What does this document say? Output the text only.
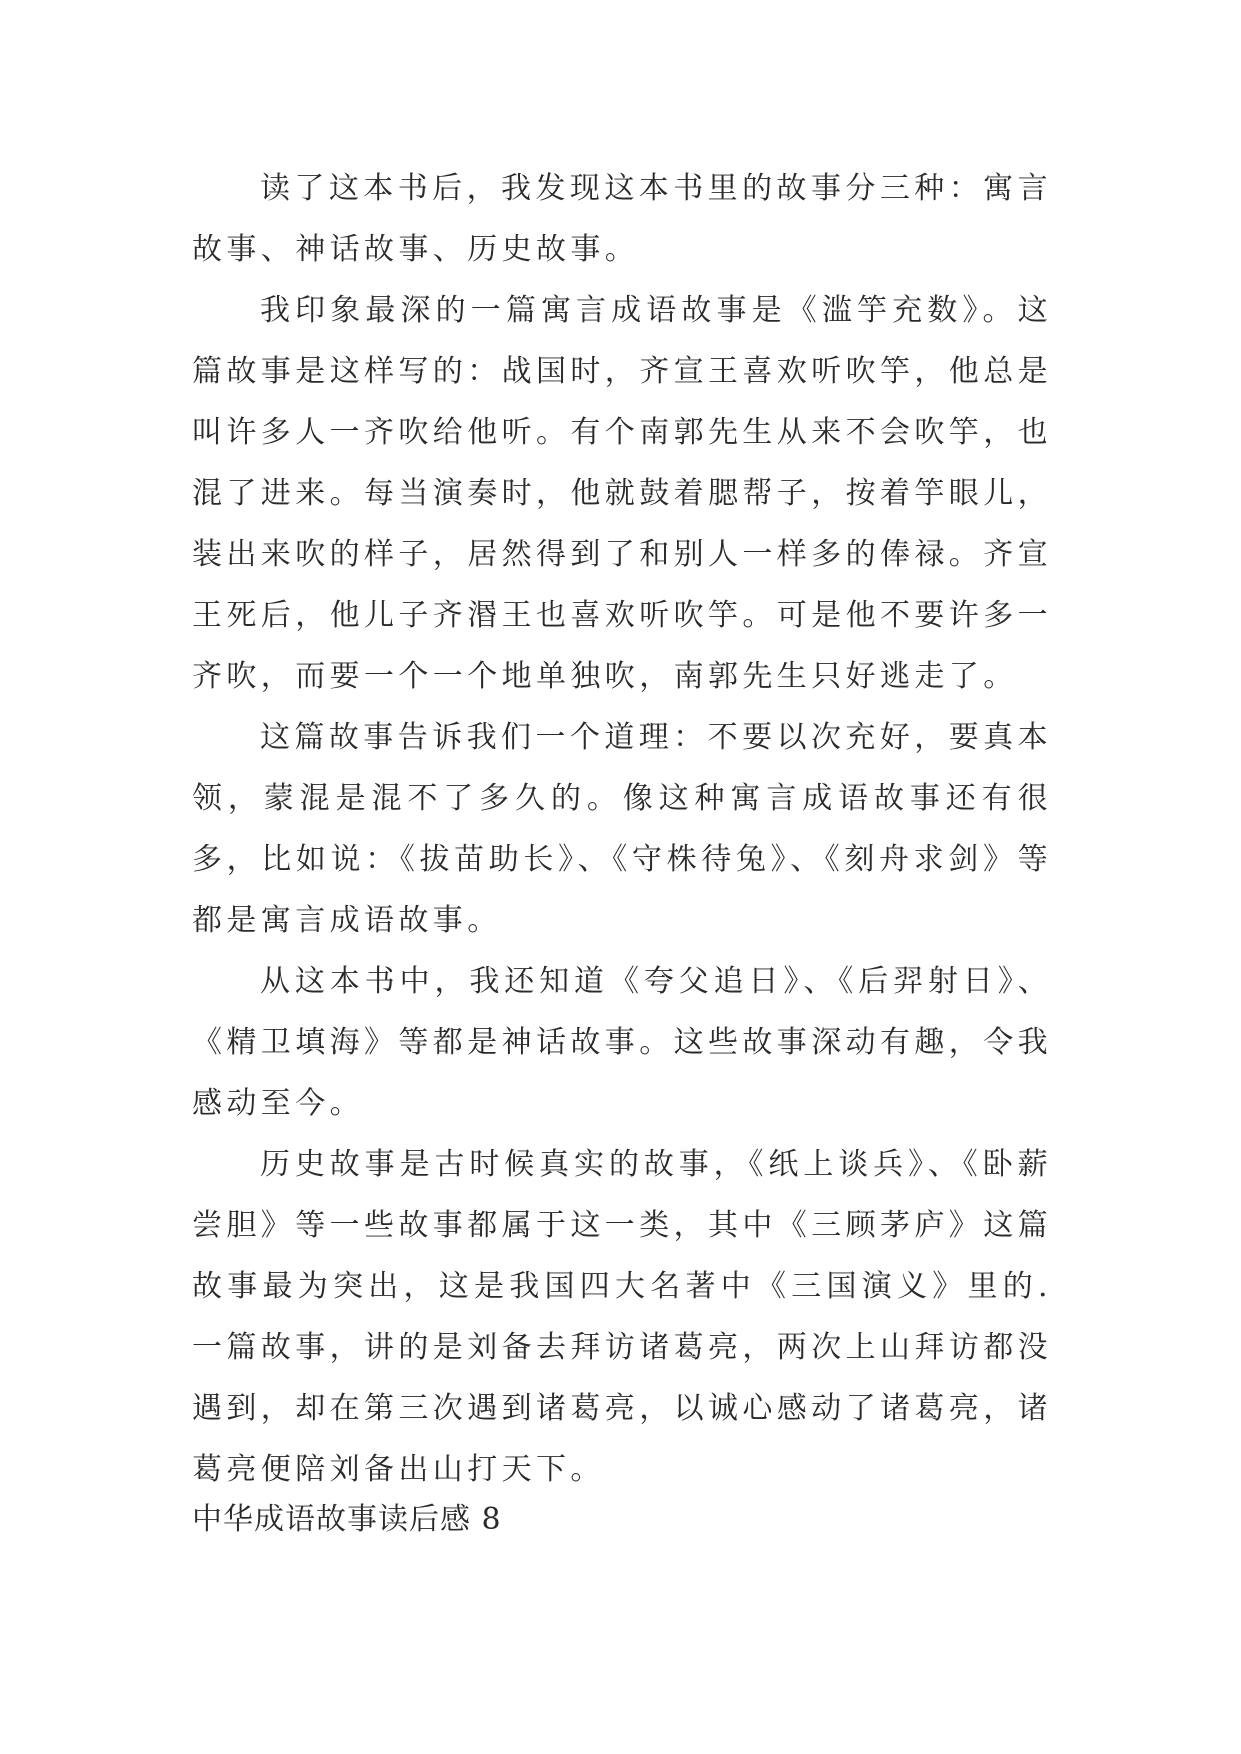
读了这本书后，我发现这本书里的故事分三种：寓言故事、神话故事、历史故事。

我印象最深的一篇寓言成语故事是《滥竽充数》。这篇故事是这样写的：战国时，齐宣王喜欢听吹竽，他总是叫许多人一齐吹给他听。有个南郭先生从来不会吹竽，也混了进来。每当演奏时，他就鼓着腮帮子，按着竽眼儿，装出来吹的样子，居然得到了和别人一样多的俸禄。齐宣王死后，他儿子齐湣王也喜欢听吹竽。可是他不要许多一齐吹，而要一个一个地单独吹，南郭先生只好逃走了。

这篇故事告诉我们一个道理：不要以次充好，要真本领，蒙混是混不了多久的。像这种寓言成语故事还有很多，比如说：《拔苗助长》、《守株待兔》、《刻舟求剑》等都是寓言成语故事。

从这本书中，我还知道《夸父追日》、《后羿射日》、《精卫填海》等都是神话故事。这些故事深动有趣，令我感动至今。

历史故事是古时候真实的故事，《纸上谈兵》、《卧薪尝胆》等一些故事都属于这一类，其中《三顾茅庐》这篇故事最为突出，这是我国四大名著中《三国演义》里的.一篇故事，讲的是刘备去拜访诸葛亮，两次上山拜访都没遇到，却在第三次遇到诸葛亮，以诚心感动了诸葛亮，诸葛亮便陪刘备出山打天下。

中华成语故事读后感 8
